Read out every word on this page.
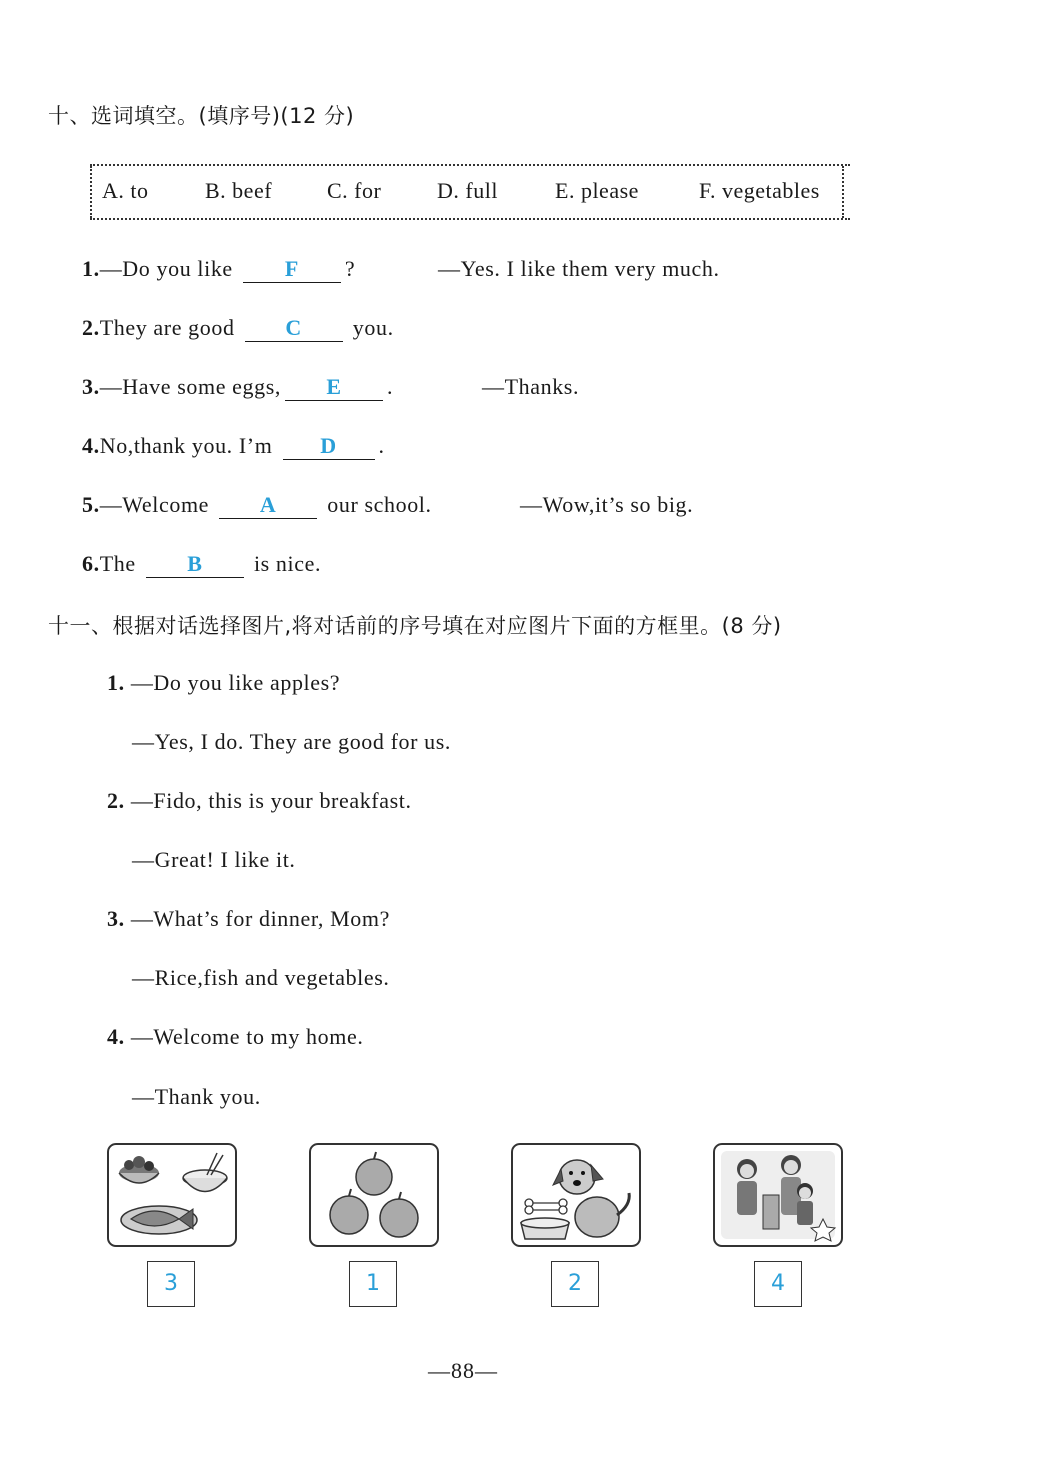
十、选词填空。(填序号)(12 分)
A. to	B. beef C. for	D. full	E. please	F. vegetables
1.—Do you like F ?	—Yes. I like them very much.
2.They are good C you.
3.—Have some eggs, E .	—Thanks.
4.No,thank you. I’m D .
5.—Welcome A our school.	—Wow,it’s so big.
6.The B is nice.
十一、根据对话选择图片,将对话前的序号填在对应图片下面的方框里。(8 分)
1. —Do you like apples?
—Yes, I do. They are good for us.
2. —Fido, this is your breakfast.
—Great! I like it.
3. —What’s for dinner, Mom?
—Rice,fish and vegetables.
4. —Welcome to my home.
—Thank you.
3	1	2	4
—88—
